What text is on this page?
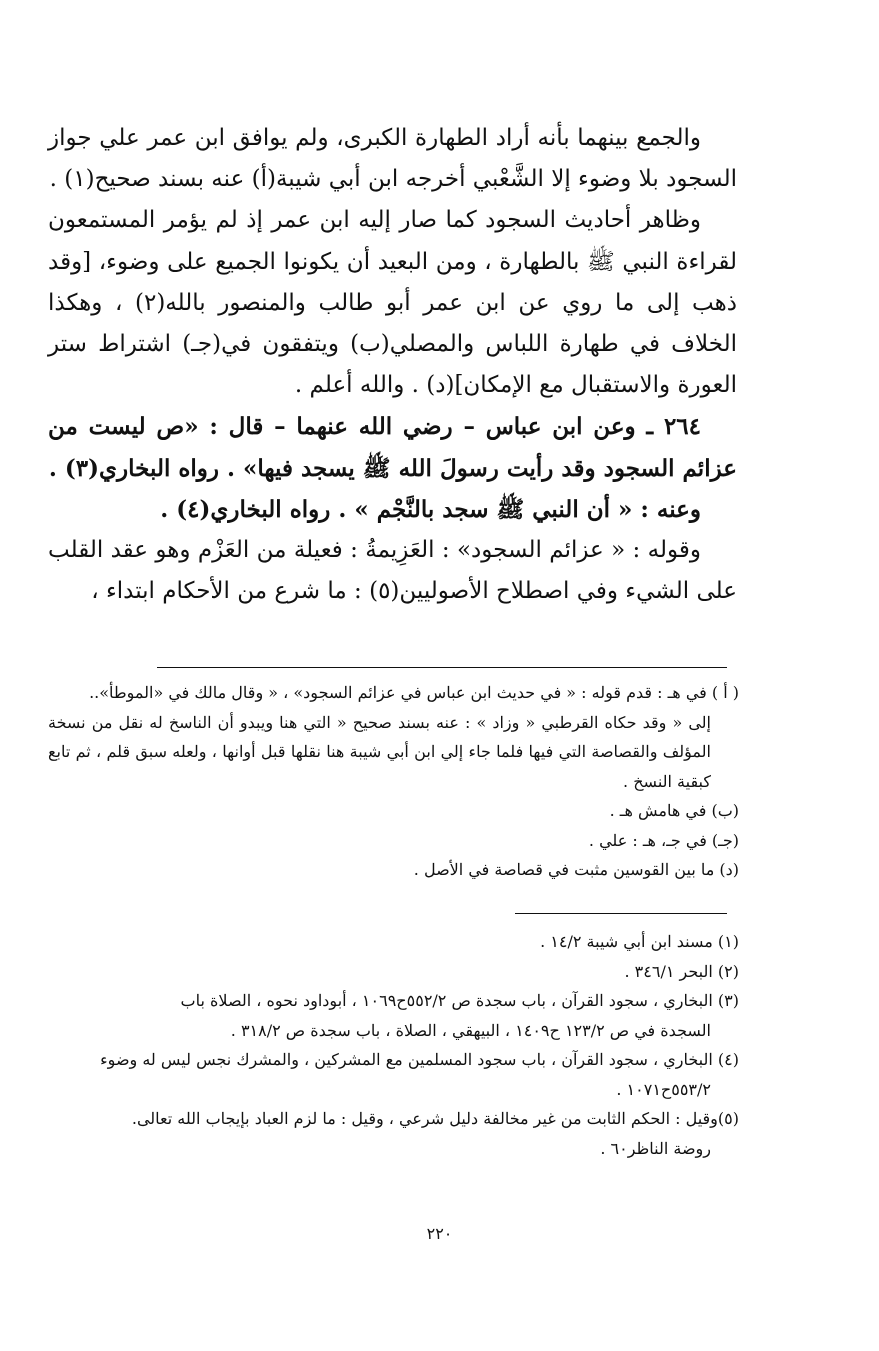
والجمع بينهما بأنه أراد الطهارة الكبرى، ولم يوافق ابن عمر علي جواز السجود بلا وضوء إلا الشَّعْبي أخرجه ابن أبي شيبة(أ) عنه بسند صحيح(١) .

وظاهر أحاديث السجود كما صار إليه ابن عمر إذ لم يؤمر المستمعون لقراءة النبي ﷺ بالطهارة ، ومن البعيد أن يكونوا الجميع على وضوء، [وقد ذهب إلى ما روي عن ابن عمر أبو طالب والمنصور بالله(٢) ، وهكذا الخلاف في طهارة اللباس والمصلي(ب) ويتفقون في(جـ) اشتراط ستر العورة والاستقبال مع الإمكان](د) . والله أعلم .

٢٦٤ ـ وعن ابن عباس – رضي الله عنهما – قال : «ص ليست من عزائم السجود وقد رأيت رسولَ الله ﷺ يسجد فيها» . رواه البخاري(٣) .

وعنه : « أن النبي ﷺ سجد بالنَّجْم » . رواه البخاري(٤) .

وقوله : « عزائم السجود» : العَزِيمةُ : فعيلة من العَزْم وهو عقد القلب على الشيء وفي اصطلاح الأصوليين(٥) : ما شرع من الأحكام ابتداء ،

( أ ) في هـ : قدم قوله : « في حديث ابن عباس في عزائم السجود» ، « وقال مالك في «الموطأ»..

إلى « وقد حكاه القرطبي « وزاد » : عنه بسند صحيح « التي هنا ويبدو أن الناسخ له نقل من نسخة المؤلف والقصاصة التي فيها فلما جاء إلي ابن أبي شيبة هنا نقلها قبل أوانها ، ولعله سبق قلم ، ثم تابع كبقية النسخ .

(ب) في هامش هـ .

(جـ) في جـ، هـ : علي .

(د) ما بين القوسين مثبت في قصاصة في الأصل .

(١) مسند ابن أبي شيبة ١٤/٢ .

(٢) البحر ٣٤٦/١ .

(٣) البخاري ، سجود القرآن ، باب سجدة ص ٥٥٢/٢ح١٠٦٩ ، أبوداود نحوه ، الصلاة باب

السجدة في ص ١٢٣/٢ ح١٤٠٩ ، البيهقي ، الصلاة ، باب سجدة ص ٣١٨/٢ .

(٤) البخاري ، سجود القرآن ، باب سجود المسلمين مع المشركين ، والمشرك نجس ليس له وضوء

٥٥٣/٢ح١٠٧١ .

(٥)وقيل : الحكم الثابت من غير مخالفة دليل شرعي ، وقيل : ما لزم العباد بإيجاب الله تعالى.

روضة الناظر٦٠ .

٢٢٠
